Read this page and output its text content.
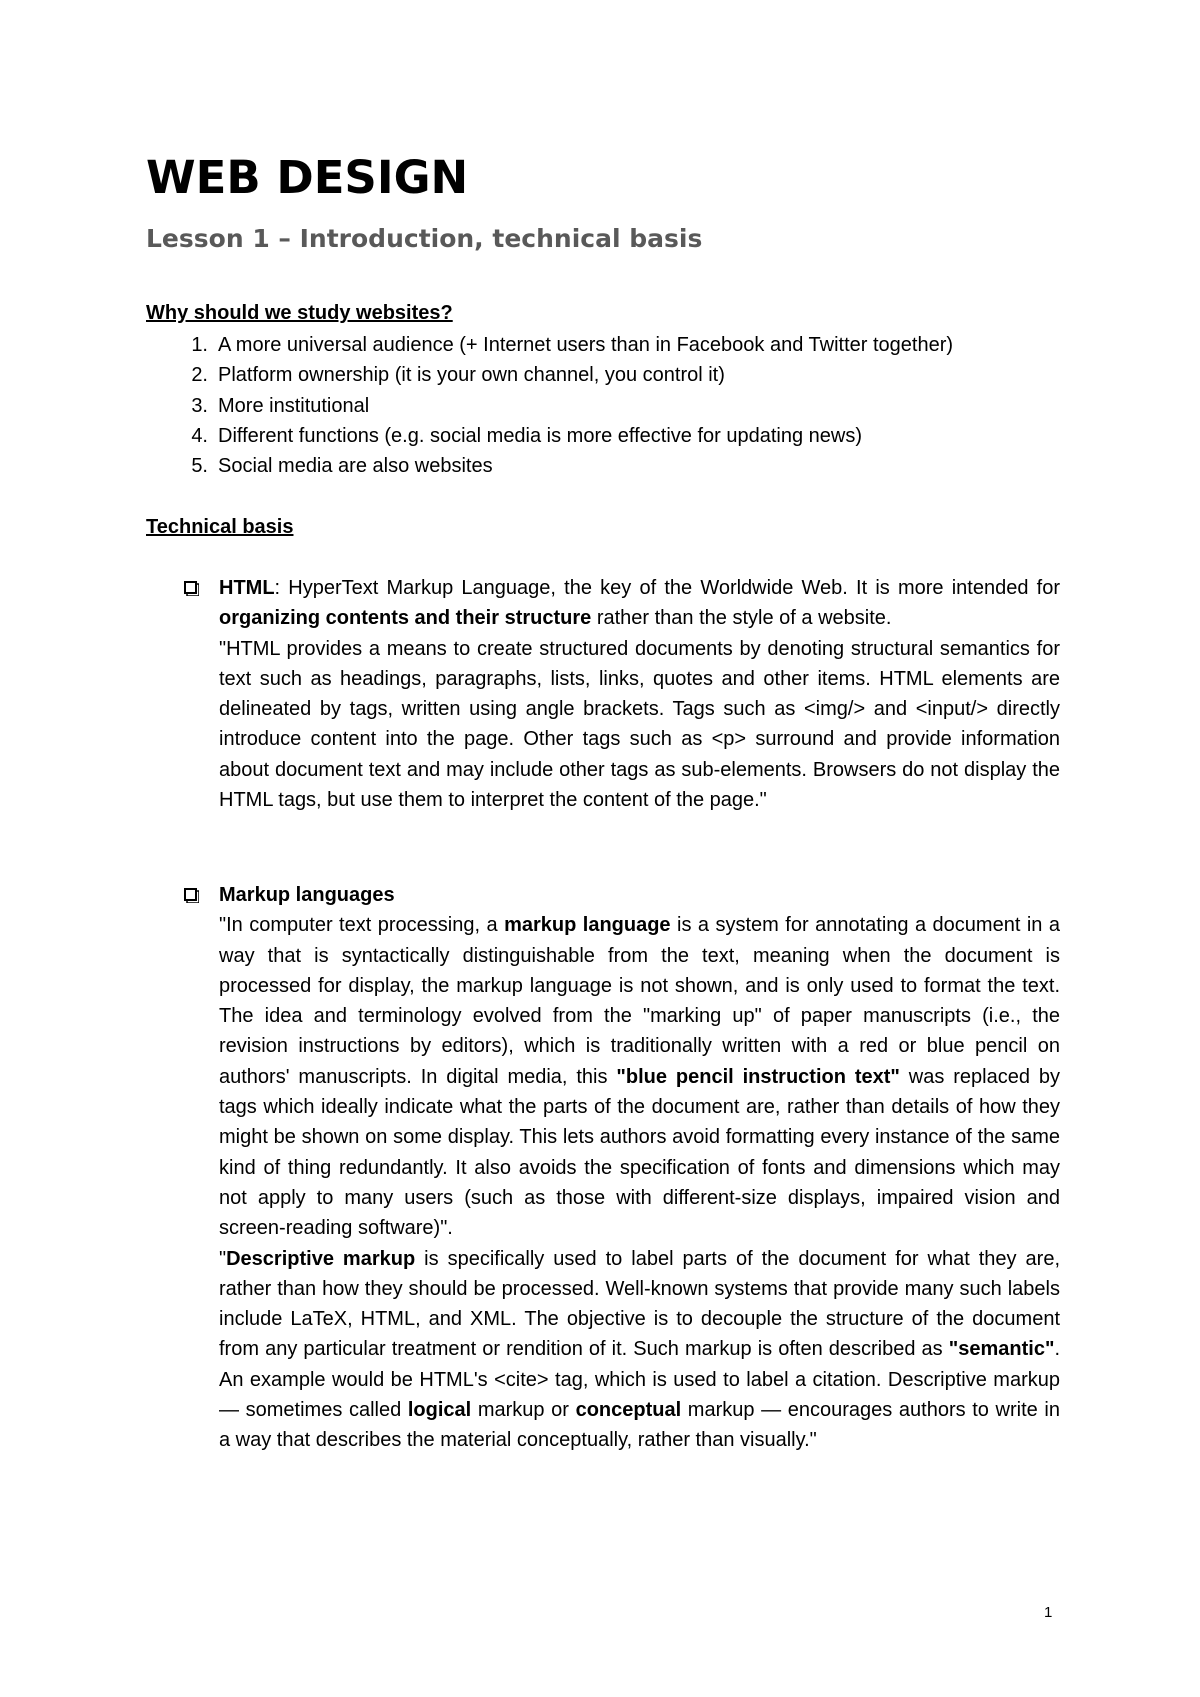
WEB DESIGN
Lesson 1 – Introduction, technical basis
Why should we study websites?
1. A more universal audience (+ Internet users than in Facebook and Twitter together)
2. Platform ownership (it is your own channel, you control it)
3. More institutional
4. Different functions (e.g. social media is more effective for updating news)
5. Social media are also websites
Technical basis

HTML: HyperText Markup Language, the key of the Worldwide Web. It is more intended for organizing contents and their structure rather than the style of a website.

"HTML provides a means to create structured documents by denoting structural semantics for text such as headings, paragraphs, lists, links, quotes and other items. HTML elements are delineated by tags, written using angle brackets. Tags such as <img/> and <input/> directly introduce content into the page. Other tags such as <p> surround and provide information about document text and may include other tags as sub-elements. Browsers do not display the HTML tags, but use them to interpret the content of the page."

Markup languages

"In computer text processing, a markup language is a system for annotating a document in a way that is syntactically distinguishable from the text, meaning when the document is processed for display, the markup language is not shown, and is only used to format the text. The idea and terminology evolved from the "marking up" of paper manuscripts (i.e., the revision instructions by editors), which is traditionally written with a red or blue pencil on authors' manuscripts. In digital media, this "blue pencil instruction text" was replaced by tags which ideally indicate what the parts of the document are, rather than details of how they might be shown on some display. This lets authors avoid formatting every instance of the same kind of thing redundantly. It also avoids the specification of fonts and dimensions which may not apply to many users (such as those with different-size displays, impaired vision and screen-reading software)".

"Descriptive markup is specifically used to label parts of the document for what they are, rather than how they should be processed. Well-known systems that provide many such labels include LaTeX, HTML, and XML. The objective is to decouple the structure of the document from any particular treatment or rendition of it. Such markup is often described as "semantic". An example would be HTML's <cite> tag, which is used to label a citation. Descriptive markup — sometimes called logical markup or conceptual markup — encourages authors to write in a way that describes the material conceptually, rather than visually."

1
